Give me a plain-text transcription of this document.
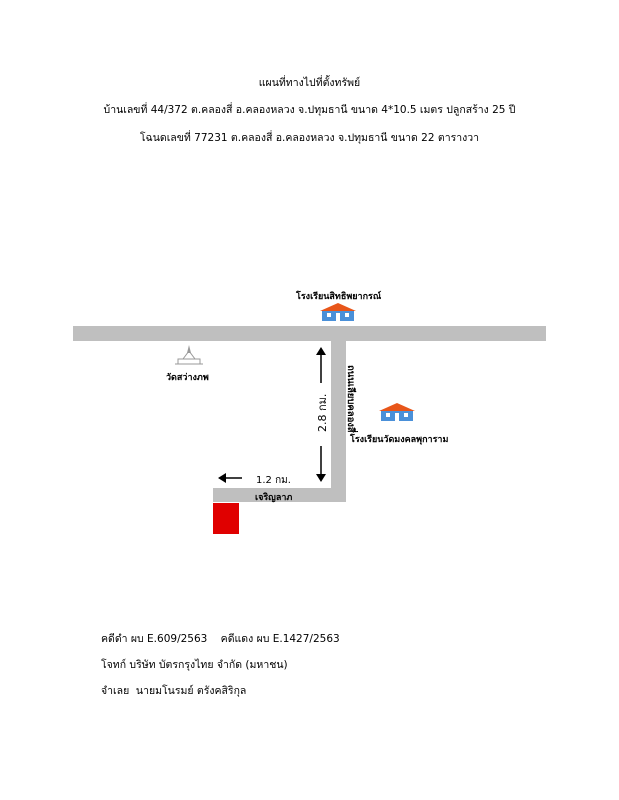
แผนที่ทางไปที่ตั้งทรัพย์
บ้านเลขที่ 44/372 ต.คลองสี่ อ.คลองหลวง จ.ปทุมธานี ขนาด 4*10.5 เมตร ปลูกสร้าง 25 ปี
โฉนดเลขที่ 77231 ต.คลองสี่ อ.คลองหลวง จ.ปทุมธานี ขนาด 22 ตารางวา
โรงเรียนสิทธิพยากรณ์
วัดสว่างภพ
โรงเรียนวัดมงคลพุการาม
ถนนเลียบคลองสี่
2.8 กม.
1.2 กม.
เจริญลาภ
คดีดำ ผบ E.609/2563    คดีแดง ผบ E.1427/2563
โจทก์ บริษัท บัตรกรุงไทย จำกัด (มหาชน)
จำเลย  นายมโนรมย์ ตรังคสิริกุล
